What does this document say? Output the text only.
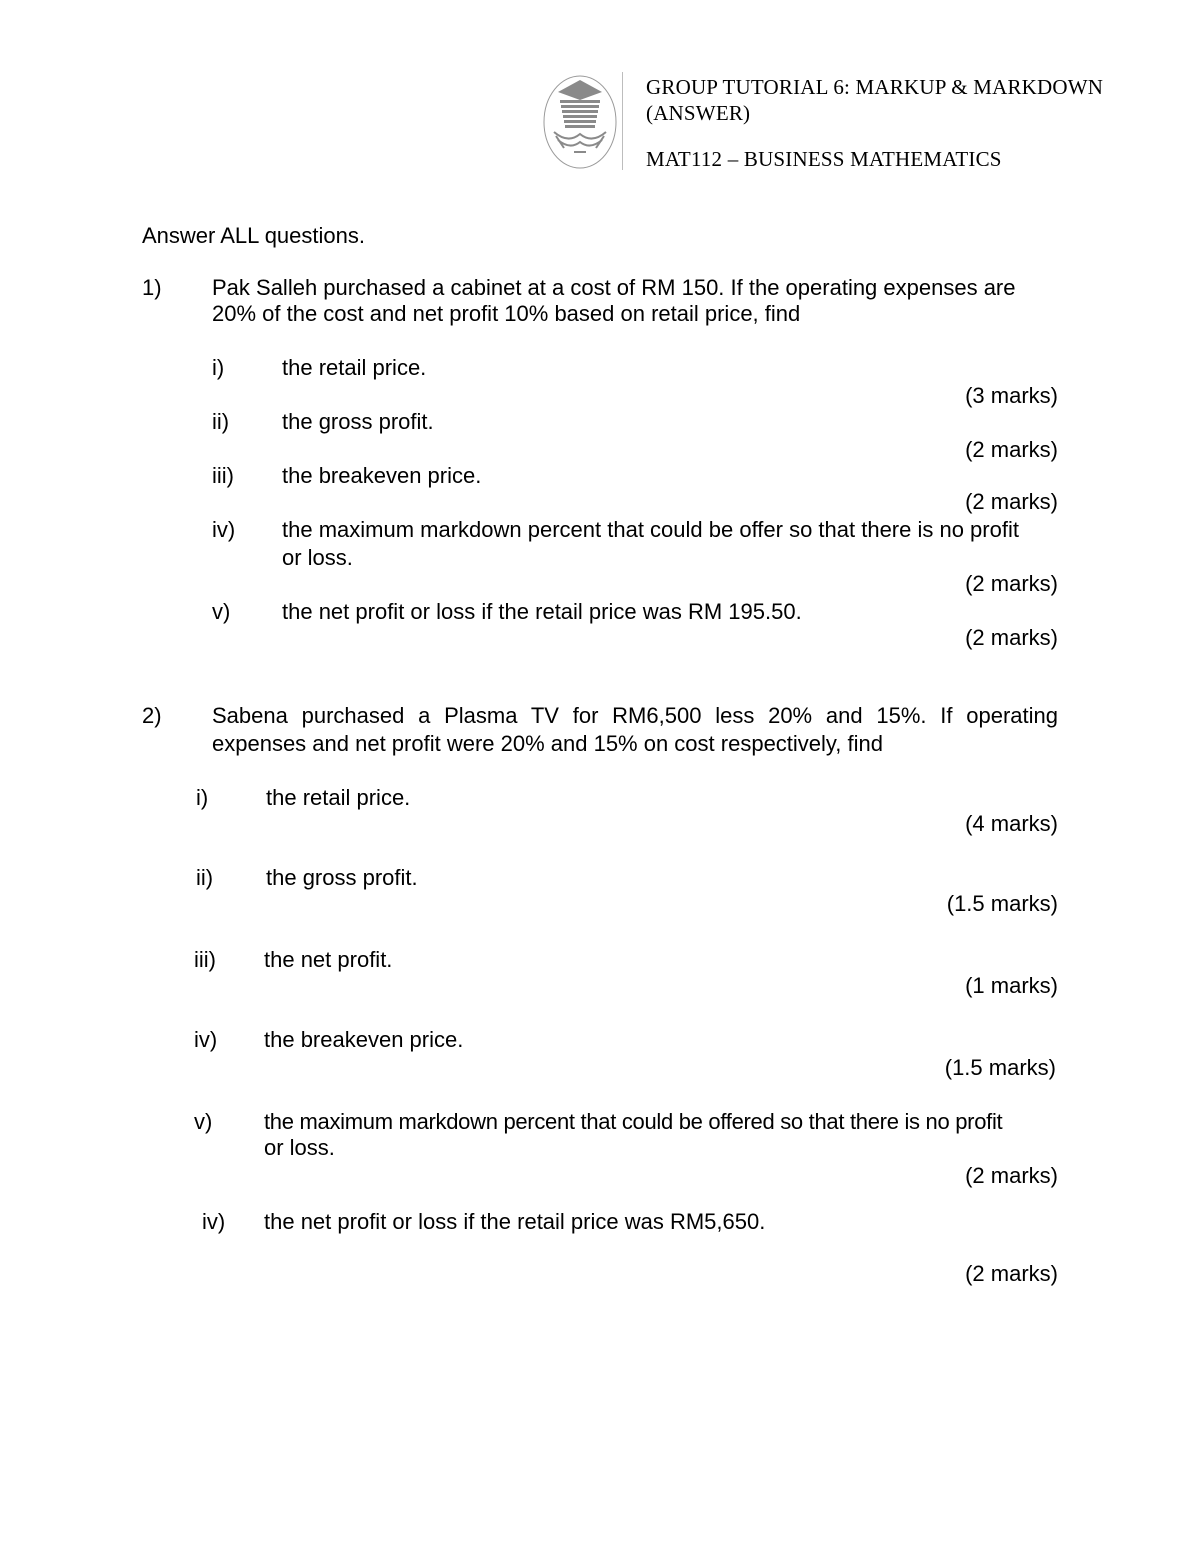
GROUP TUTORIAL 6: MARKUP & MARKDOWN
(ANSWER)
MAT112 – BUSINESS MATHEMATICS
Answer ALL questions.
1) Pak Salleh purchased a cabinet at a cost of RM 150. If the operating expenses are
20% of the cost and net profit 10% based on retail price, find
i)	the retail price.
(3 marks)
ii) the gross profit.
(2 marks)
iii) the breakeven price.
(2 marks)
iv) the maximum markdown percent that could be offer so that there is no profit
or loss.
(2 marks)
v) the net profit or loss if the retail price was RM 195.50.
(2 marks)
2) Sabena purchased a Plasma TV for RM6,500 less 20% and 15%. If operating
expenses and net profit were 20% and 15% on cost respectively, find
i)	the retail price.
(4 marks)
ii) the gross profit.
(1.5 marks)
iii) the net profit.
(1 marks)
iv) the breakeven price.
(1.5 marks)
v) the maximum markdown percent that could be offered so that there is no profit
or loss.
(2 marks)
iv) the net profit or loss if the retail price was RM5,650.
(2 marks)
